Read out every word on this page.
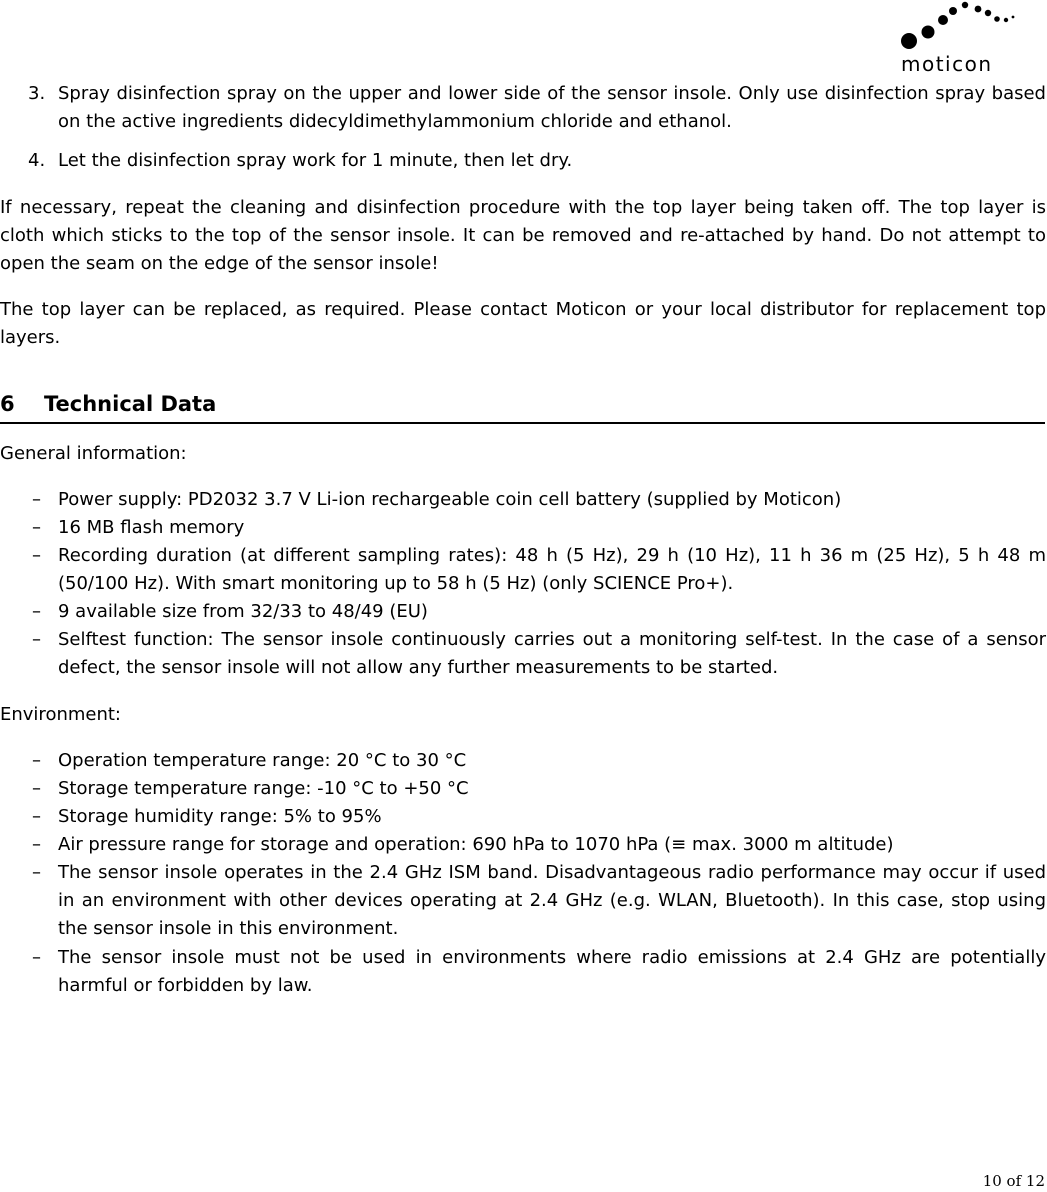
moticon
3. Spray disinfection spray on the upper and lower side of the sensor insole. Only use disinfection spray based on the active ingredients didecyldimethylammonium chloride and ethanol.
4. Let the disinfection spray work for 1 minute, then let dry.
If necessary, repeat the cleaning and disinfection procedure with the top layer being taken off. The top layer is cloth which sticks to the top of the sensor insole. It can be removed and re-attached by hand. Do not attempt to open the seam on the edge of the sensor insole!
The top layer can be replaced, as required. Please contact Moticon or your local distributor for replacement top layers.
6 Technical Data
General information:
– Power supply: PD2032 3.7 V Li-ion rechargeable coin cell battery (supplied by Moticon)
– 16 MB flash memory
– Recording duration (at different sampling rates): 48 h (5 Hz), 29 h (10 Hz), 11 h 36 m (25 Hz), 5 h 48 m (50/100 Hz). With smart monitoring up to 58 h (5 Hz) (only SCIENCE Pro+).
– 9 available size from 32/33 to 48/49 (EU)
– Selftest function: The sensor insole continuously carries out a monitoring self-test. In the case of a sensor defect, the sensor insole will not allow any further measurements to be started.
Environment:
– Operation temperature range: 20 °C to 30 °C
– Storage temperature range: -10 °C to +50 °C
– Storage humidity range: 5% to 95%
– Air pressure range for storage and operation: 690 hPa to 1070 hPa (≡ max. 3000 m altitude)
– The sensor insole operates in the 2.4 GHz ISM band. Disadvantageous radio performance may occur if used in an environment with other devices operating at 2.4 GHz (e.g. WLAN, Bluetooth). In this case, stop using the sensor insole in this environment.
– The sensor insole must not be used in environments where radio emissions at 2.4 GHz are potentially harmful or forbidden by law.
10 of 12
